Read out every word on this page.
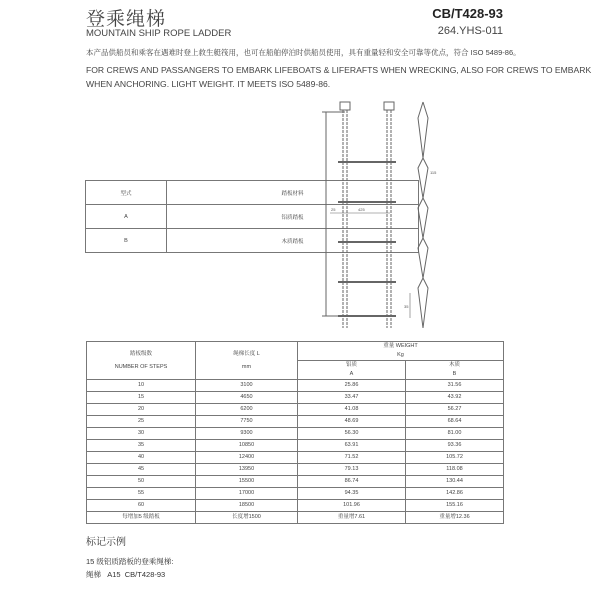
登乘绳梯
MOUNTAIN SHIP ROPE LADDER
CB/T428-93
264.YHS-011
本产品供船员和乘客在遇难时登上救生艇筏用，也可在船舶停泊时供船员使用，具有重量轻和安全可靠等优点，符合 ISO 5489-86。
FOR CREWS AND PASSANGERS TO EMBARK LIFEBOATS & LIFERAFTS WHEN WRECKING, ALSO FOR CREWS TO EMBARK WHEN ANCHORING. LIGHT WEIGHT. IT MEETS ISO 5489-86.
型式	踏板材料
A	铝质踏板
B	木质踏板
425
25
115
35
踏板级数
NUMBER OF STEPS

绳梯长度 L
mm

重量 WEIGHT
Kg

铝质
A

木质
B

10	3100	25.86	31.56
15	4650	33.47	43.92
20	6200	41.08	56.27
25	7750	48.69	68.64
30	9300	56.30	81.00
35	10850	63.91	93.36
40	12400	71.52	105.72
45	13950	79.13	118.08
50	15500	86.74	130.44
55	17000	94.35	142.86
60	18500	101.96	155.16
每增加5 级踏板	长度增1500	重量增7.61	重量增12.36
标记示例
15 级铝质踏板的登乘绳梯:
绳梯   A15  CB/T428-93
